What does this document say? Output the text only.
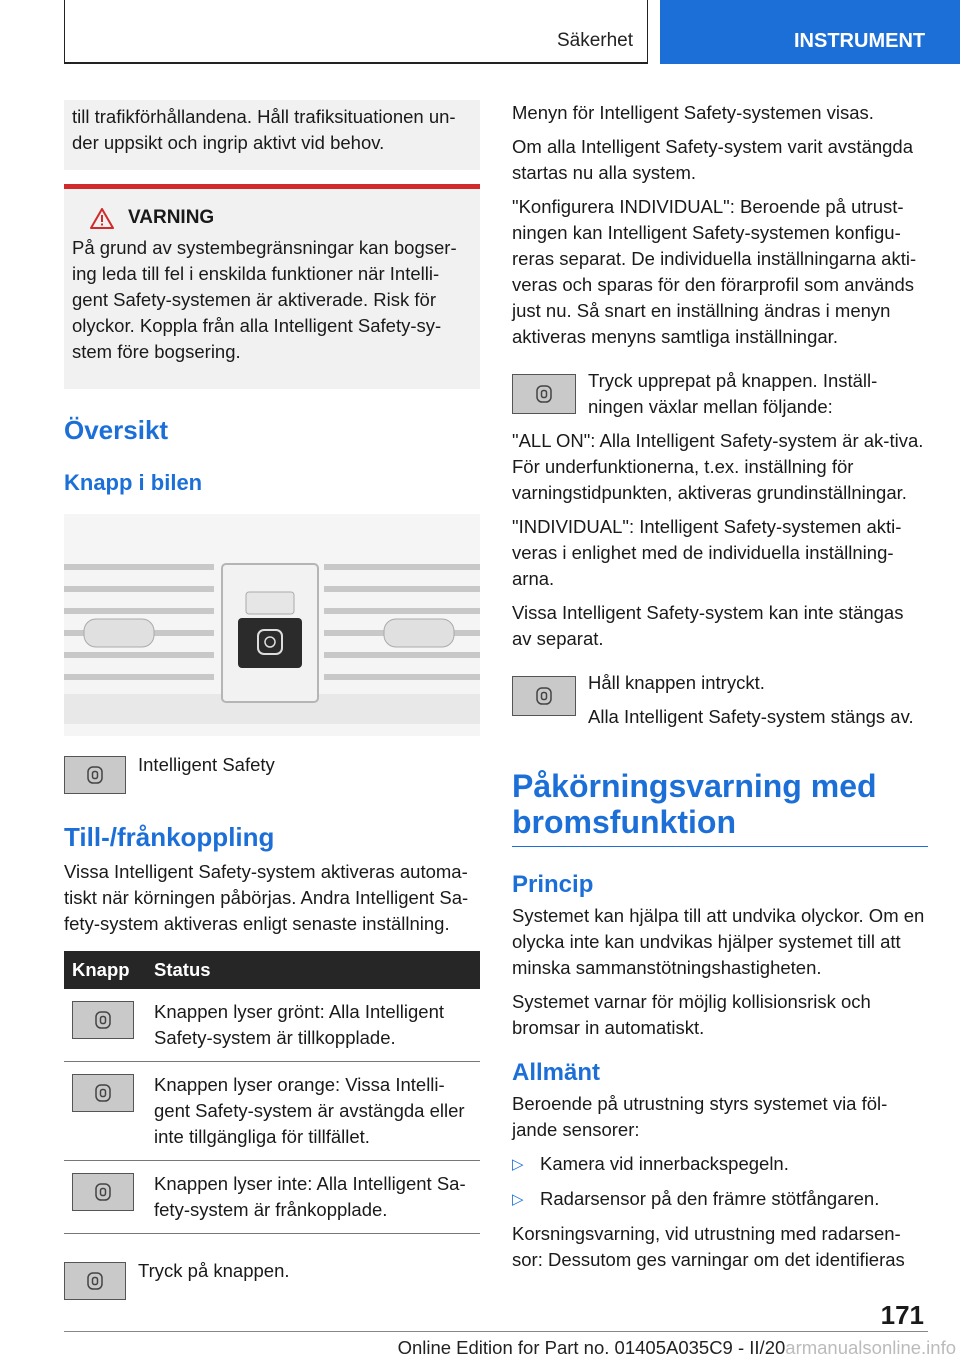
Säkerhet	INSTRUMENT

till trafikförhållandena. Håll trafiksituationen un-der uppsikt och ingrip aktivt vid behov.

VARNING

På grund av systembegränsningar kan bogser-ing leda till fel i enskilda funktioner när Intelli-gent Safety-systemen är aktiverade. Risk för olyckor. Koppla från alla Intelligent Safety-sy-stem före bogsering.

Översikt
Knapp i bilen

Intelligent Safety

Till-/frånkoppling

Vissa Intelligent Safety-system aktiveras automa-tiskt när körningen påbörjas. Andra Intelligent Sa-fety-system aktiveras enligt senaste inställning.

Knapp	Status

	Knappen lyser grönt: Alla Intelligent Safety-system är tillkopplade.

	Knappen lyser orange: Vissa Intelli-gent Safety-system är avstängda eller inte tillgängliga för tillfället.

	Knappen lyser inte: Alla Intelligent Sa-fety-system är frånkopplade.

Tryck på knappen.

Menyn för Intelligent Safety-systemen visas.

Om alla Intelligent Safety-system varit avstängda startas nu alla system.

"Konfigurera INDIVIDUAL": Beroende på utrust-ningen kan Intelligent Safety-systemen konfigu-reras separat. De individuella inställningarna akti-veras och sparas för den förarprofil som används just nu. Så snart en inställning ändras i menyn aktiveras menyns samtliga inställningar.

Tryck upprepat på knappen. Inställ-ningen växlar mellan följande:

"ALL ON": Alla Intelligent Safety-system är ak-tiva. För underfunktionerna, t.ex. inställning för varningstidpunkten, aktiveras grundinställningar.

"INDIVIDUAL": Intelligent Safety-systemen akti-veras i enlighet med de individuella inställning-arna.

Vissa Intelligent Safety-system kan inte stängas av separat.

Håll knappen intryckt.

Alla Intelligent Safety-system stängs av.

Påkörningsvarning med bromsfunktion
Princip

Systemet kan hjälpa till att undvika olyckor. Om en olycka inte kan undvikas hjälper systemet till att minska sammanstötningshastigheten.

Systemet varnar för möjlig kollisionsrisk och bromsar in automatiskt.

Allmänt

Beroende på utrustning styrs systemet via föl-jande sensorer:

▷ Kamera vid innerbackspegeln.
▷ Radarsensor på den främre stötfångaren.

Korsningsvarning, vid utrustning med radarsen-sor: Dessutom ges varningar om det identifieras

171
Online Edition for Part no. 01405A035C9 - II/20armanualsonline.info
